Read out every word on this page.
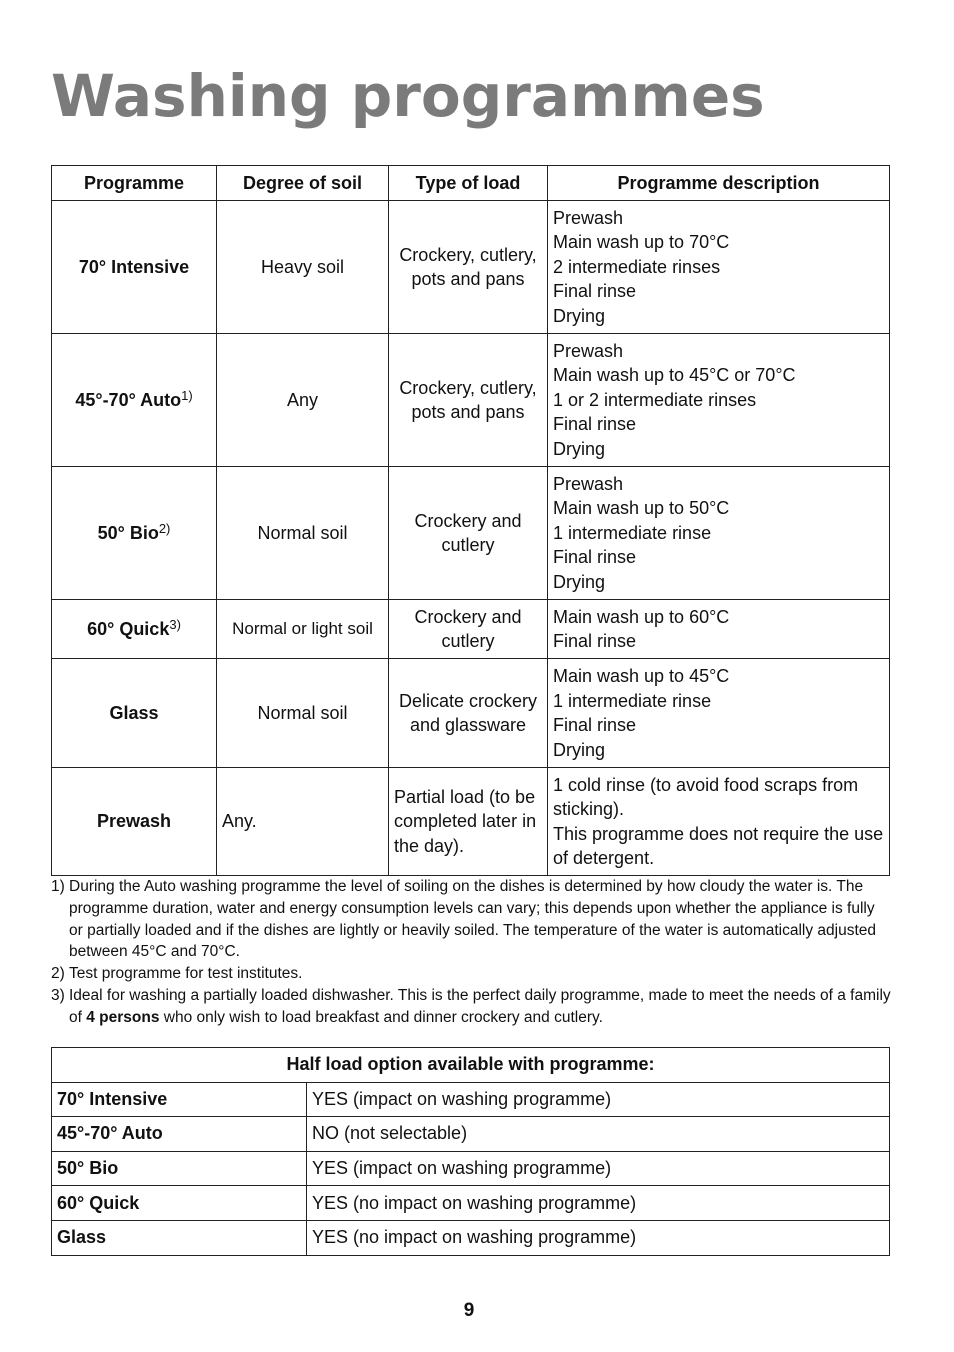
Washing programmes
Programme	Degree of soil	Type of load	Programme description
70° Intensive	Heavy soil	Crockery, cutlery, pots and pans	Prewash
Main wash up to 70°C
2 intermediate rinses
Final rinse
Drying

45°-70° Auto$^{1)}$	Any	Crockery, cutlery, pots and pans	Prewash
Main wash up to 45°C or 70°C
1 or 2 intermediate rinses
Final rinse
Drying

50° Bio$^{2)}$	Normal soil	Crockery and cutlery	Prewash
Main wash up to 50°C
1 intermediate rinse
Final rinse
Drying

60° Quick$^{3)}$	Normal or light soil	Crockery and cutlery	Main wash up to 60°C
Final rinse

Glass	Normal soil	Delicate crockery and glassware	Main wash up to 45°C
1 intermediate rinse
Final rinse
Drying

Prewash	Any.	Partial load (to be completed later in the day).	1 cold rinse (to avoid food scraps from sticking).
This programme does not require the use of detergent.
1) During the Auto washing programme the level of soiling on the dishes is determined by how cloudy the water is. The programme duration, water and energy consumption levels can vary; this depends upon whether the appliance is fully or partially loaded and if the dishes are lightly or heavily soiled. The temperature of the water is automatically adjusted between 45°C and 70°C.
2) Test programme for test institutes.
3) Ideal for washing a partially loaded dishwasher. This is the perfect daily programme, made to meet the needs of a family of 4 persons who only wish to load breakfast and dinner crockery and cutlery.
Half load option available with programme:	
70° Intensive	YES (impact on washing programme)
45°-70° Auto	NO (not selectable)
50° Bio	YES (impact on washing programme)
60° Quick	YES (no impact on washing programme)
Glass	YES (no impact on washing programme)
9
